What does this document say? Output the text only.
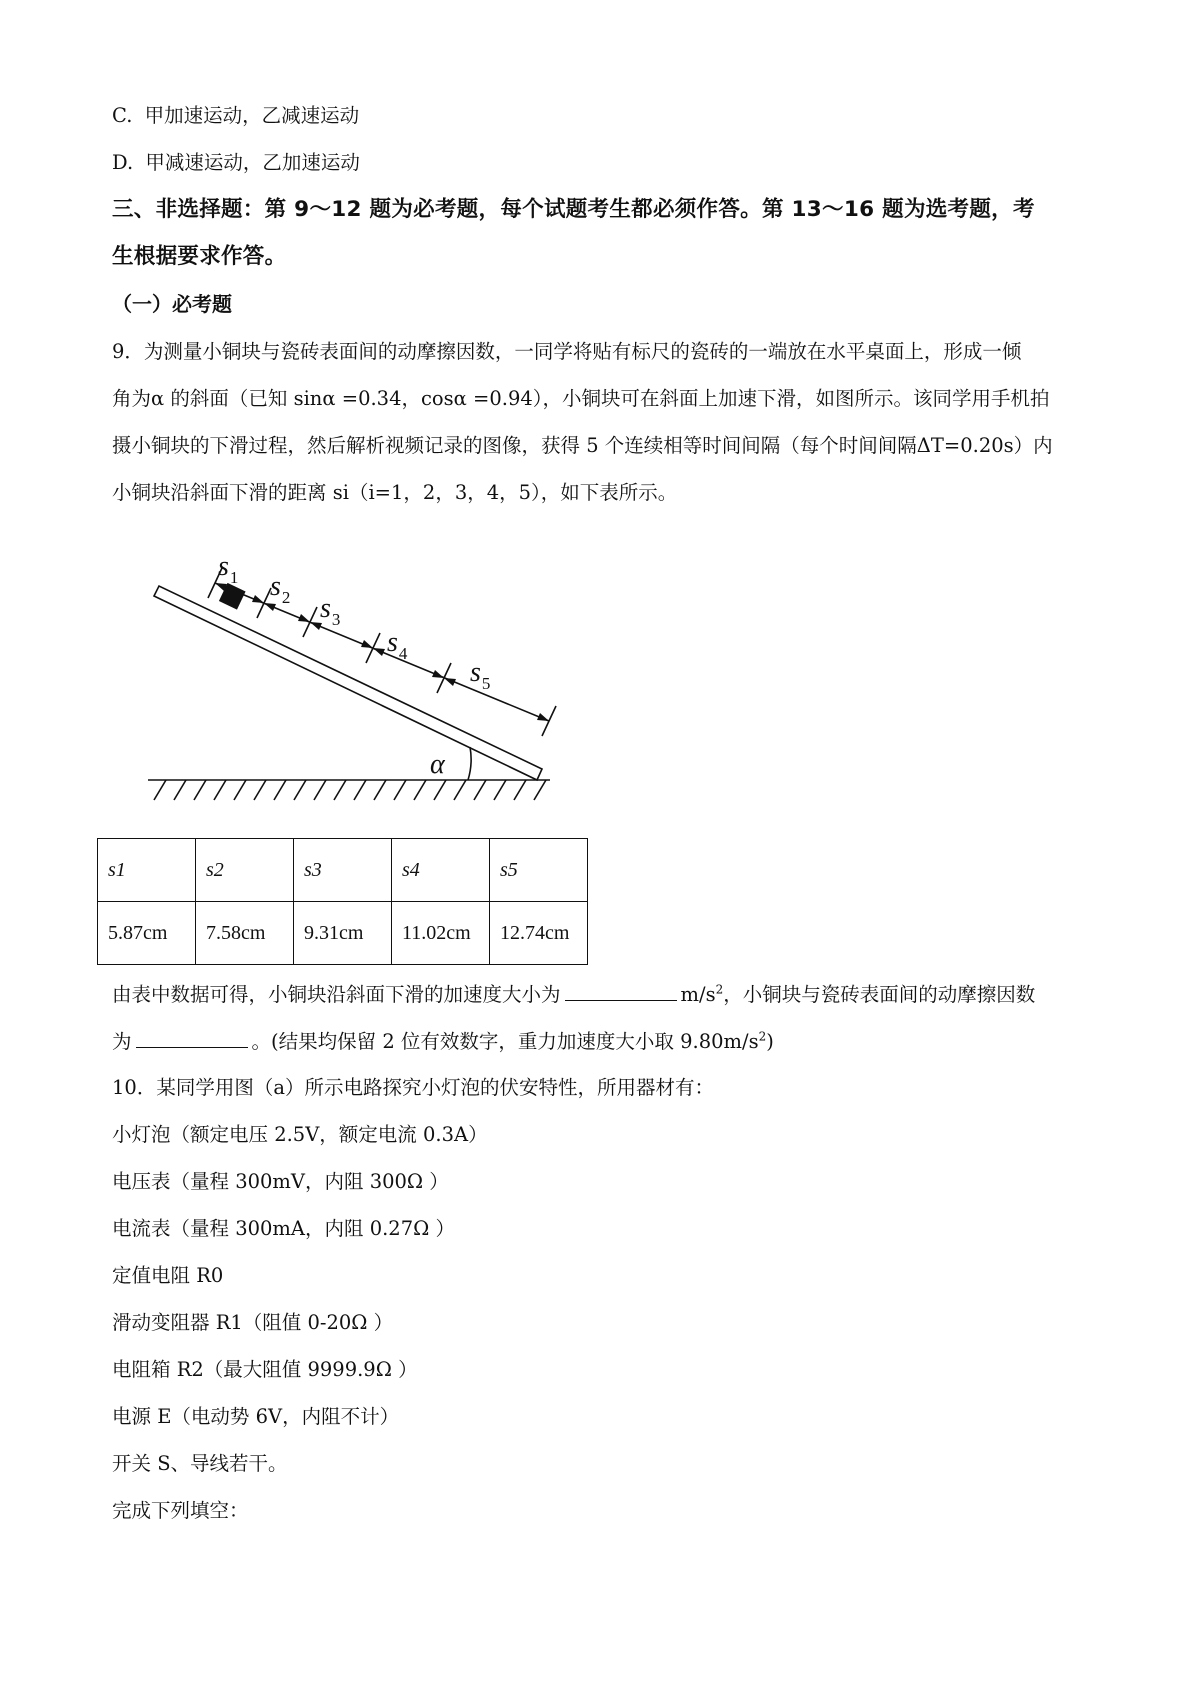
C. 甲加速运动，乙减速运动
D. 甲减速运动，乙加速运动
三、非选择题：第 9～12 题为必考题，每个试题考生都必须作答。第 13～16 题为选考题，考
生根据要求作答。
（一）必考题
9．为测量小铜块与瓷砖表面间的动摩擦因数，一同学将贴有标尺的瓷砖的一端放在水平桌面上，形成一倾
角为α 的斜面（已知 sinα =0.34，cosα =0.94），小铜块可在斜面上加速下滑，如图所示。该同学用手机拍
摄小铜块的下滑过程，然后解析视频记录的图像，获得 5 个连续相等时间间隔（每个时间间隔ΔT=0.20s）内
小铜块沿斜面下滑的距离 si（i=1，2，3，4，5），如下表所示。
$s_1$ $s_2$ $s_3$
$s_4$
$s_5$
α
s1	s2	s3	s4	s5
5.87cm	7.58cm	9.31cm	11.02cm	12.74cm
由表中数据可得，小铜块沿斜面下滑的加速度大小为	$m/s^2$，小铜块与瓷砖表面间的动摩擦因数
为	。(结果均保留 2 位有效数字，重力加速度大小取 $9.80m/s^2$)
10．某同学用图（a）所示电路探究小灯泡的伏安特性，所用器材有：
小灯泡（额定电压 2.5V，额定电流 0.3A）
电压表（量程 300mV，内阻 300Ω ）
电流表（量程 300mA，内阻 0.27Ω ）
定值电阻 R0
滑动变阻器 R1（阻值 0-20Ω ）
电阻箱 R2（最大阻值 9999.9Ω ）
电源 E（电动势 6V，内阻不计）
开关 S、导线若干。
完成下列填空：
